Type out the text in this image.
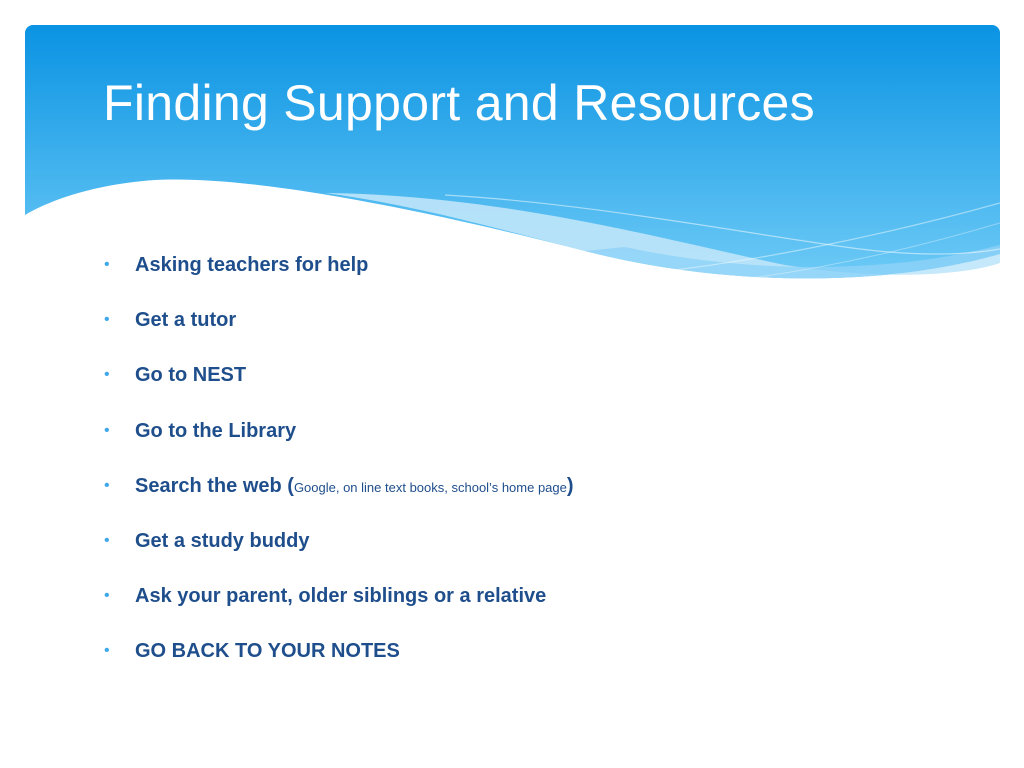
Finding Support and Resources
• Asking teachers for help
• Get a tutor
• Go to NEST
• Go to the Library
• Search the web (Google, on line text books, school’s home page)
• Get a study buddy
• Ask your parent, older siblings or a relative
• GO BACK TO YOUR NOTES
